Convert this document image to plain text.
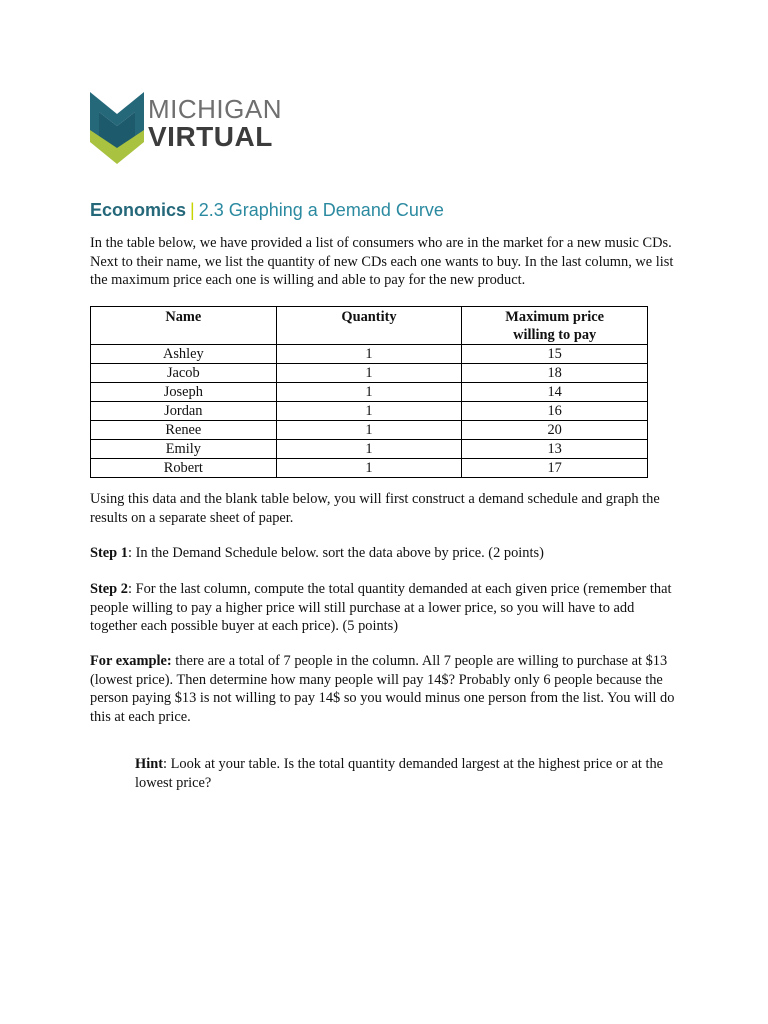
MICHIGAN
VIRTUAL
Economics | 2.3 Graphing a Demand Curve

In the table below, we have provided a list of consumers who are in the market for a new music CDs. Next to their name, we list the quantity of new CDs each one wants to buy. In the last column, we list the maximum price each one is willing and able to pay for the new product.

Name	Quantity	Maximum price willing to pay
Ashley	1	15
Jacob	1	18
Joseph	1	14
Jordan	1	16
Renee	1	20
Emily	1	13
Robert	1	17

Using this data and the blank table below, you will first construct a demand schedule and graph the results on a separate sheet of paper.

Step 1: In the Demand Schedule below. sort the data above by price. (2 points)

Step 2: For the last column, compute the total quantity demanded at each given price (remember that people willing to pay a higher price will still purchase at a lower price, so you will have to add together each possible buyer at each price). (5 points)

For example: there are a total of 7 people in the column. All 7 people are willing to purchase at $13 (lowest price). Then determine how many people will pay 14$? Probably only 6 people because the person paying $13 is not willing to pay 14$ so you would minus one person from the list. You will do this at each price.

Hint: Look at your table. Is the total quantity demanded largest at the highest price or at the lowest price?
